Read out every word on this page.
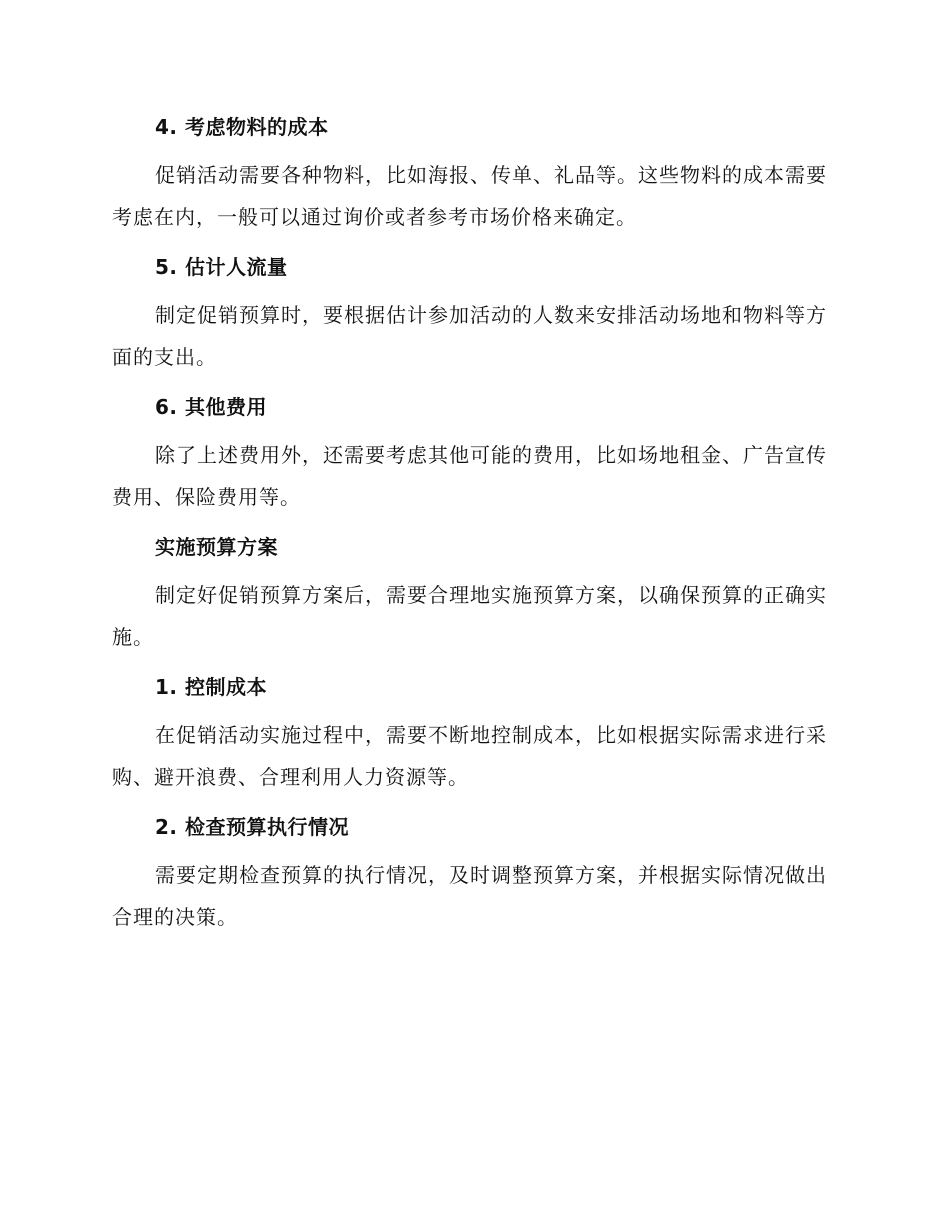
4. 考虑物料的成本

促销活动需要各种物料，比如海报、传单、礼品等。这些物料的成本需要考虑在内，一般可以通过询价或者参考市场价格来确定。

5. 估计人流量

制定促销预算时，要根据估计参加活动的人数来安排活动场地和物料等方面的支出。

6. 其他费用

除了上述费用外，还需要考虑其他可能的费用，比如场地租金、广告宣传费用、保险费用等。

实施预算方案

制定好促销预算方案后，需要合理地实施预算方案，以确保预算的正确实施。

1. 控制成本

在促销活动实施过程中，需要不断地控制成本，比如根据实际需求进行采购、避开浪费、合理利用人力资源等。

2. 检查预算执行情况

需要定期检查预算的执行情况，及时调整预算方案，并根据实际情况做出合理的决策。
